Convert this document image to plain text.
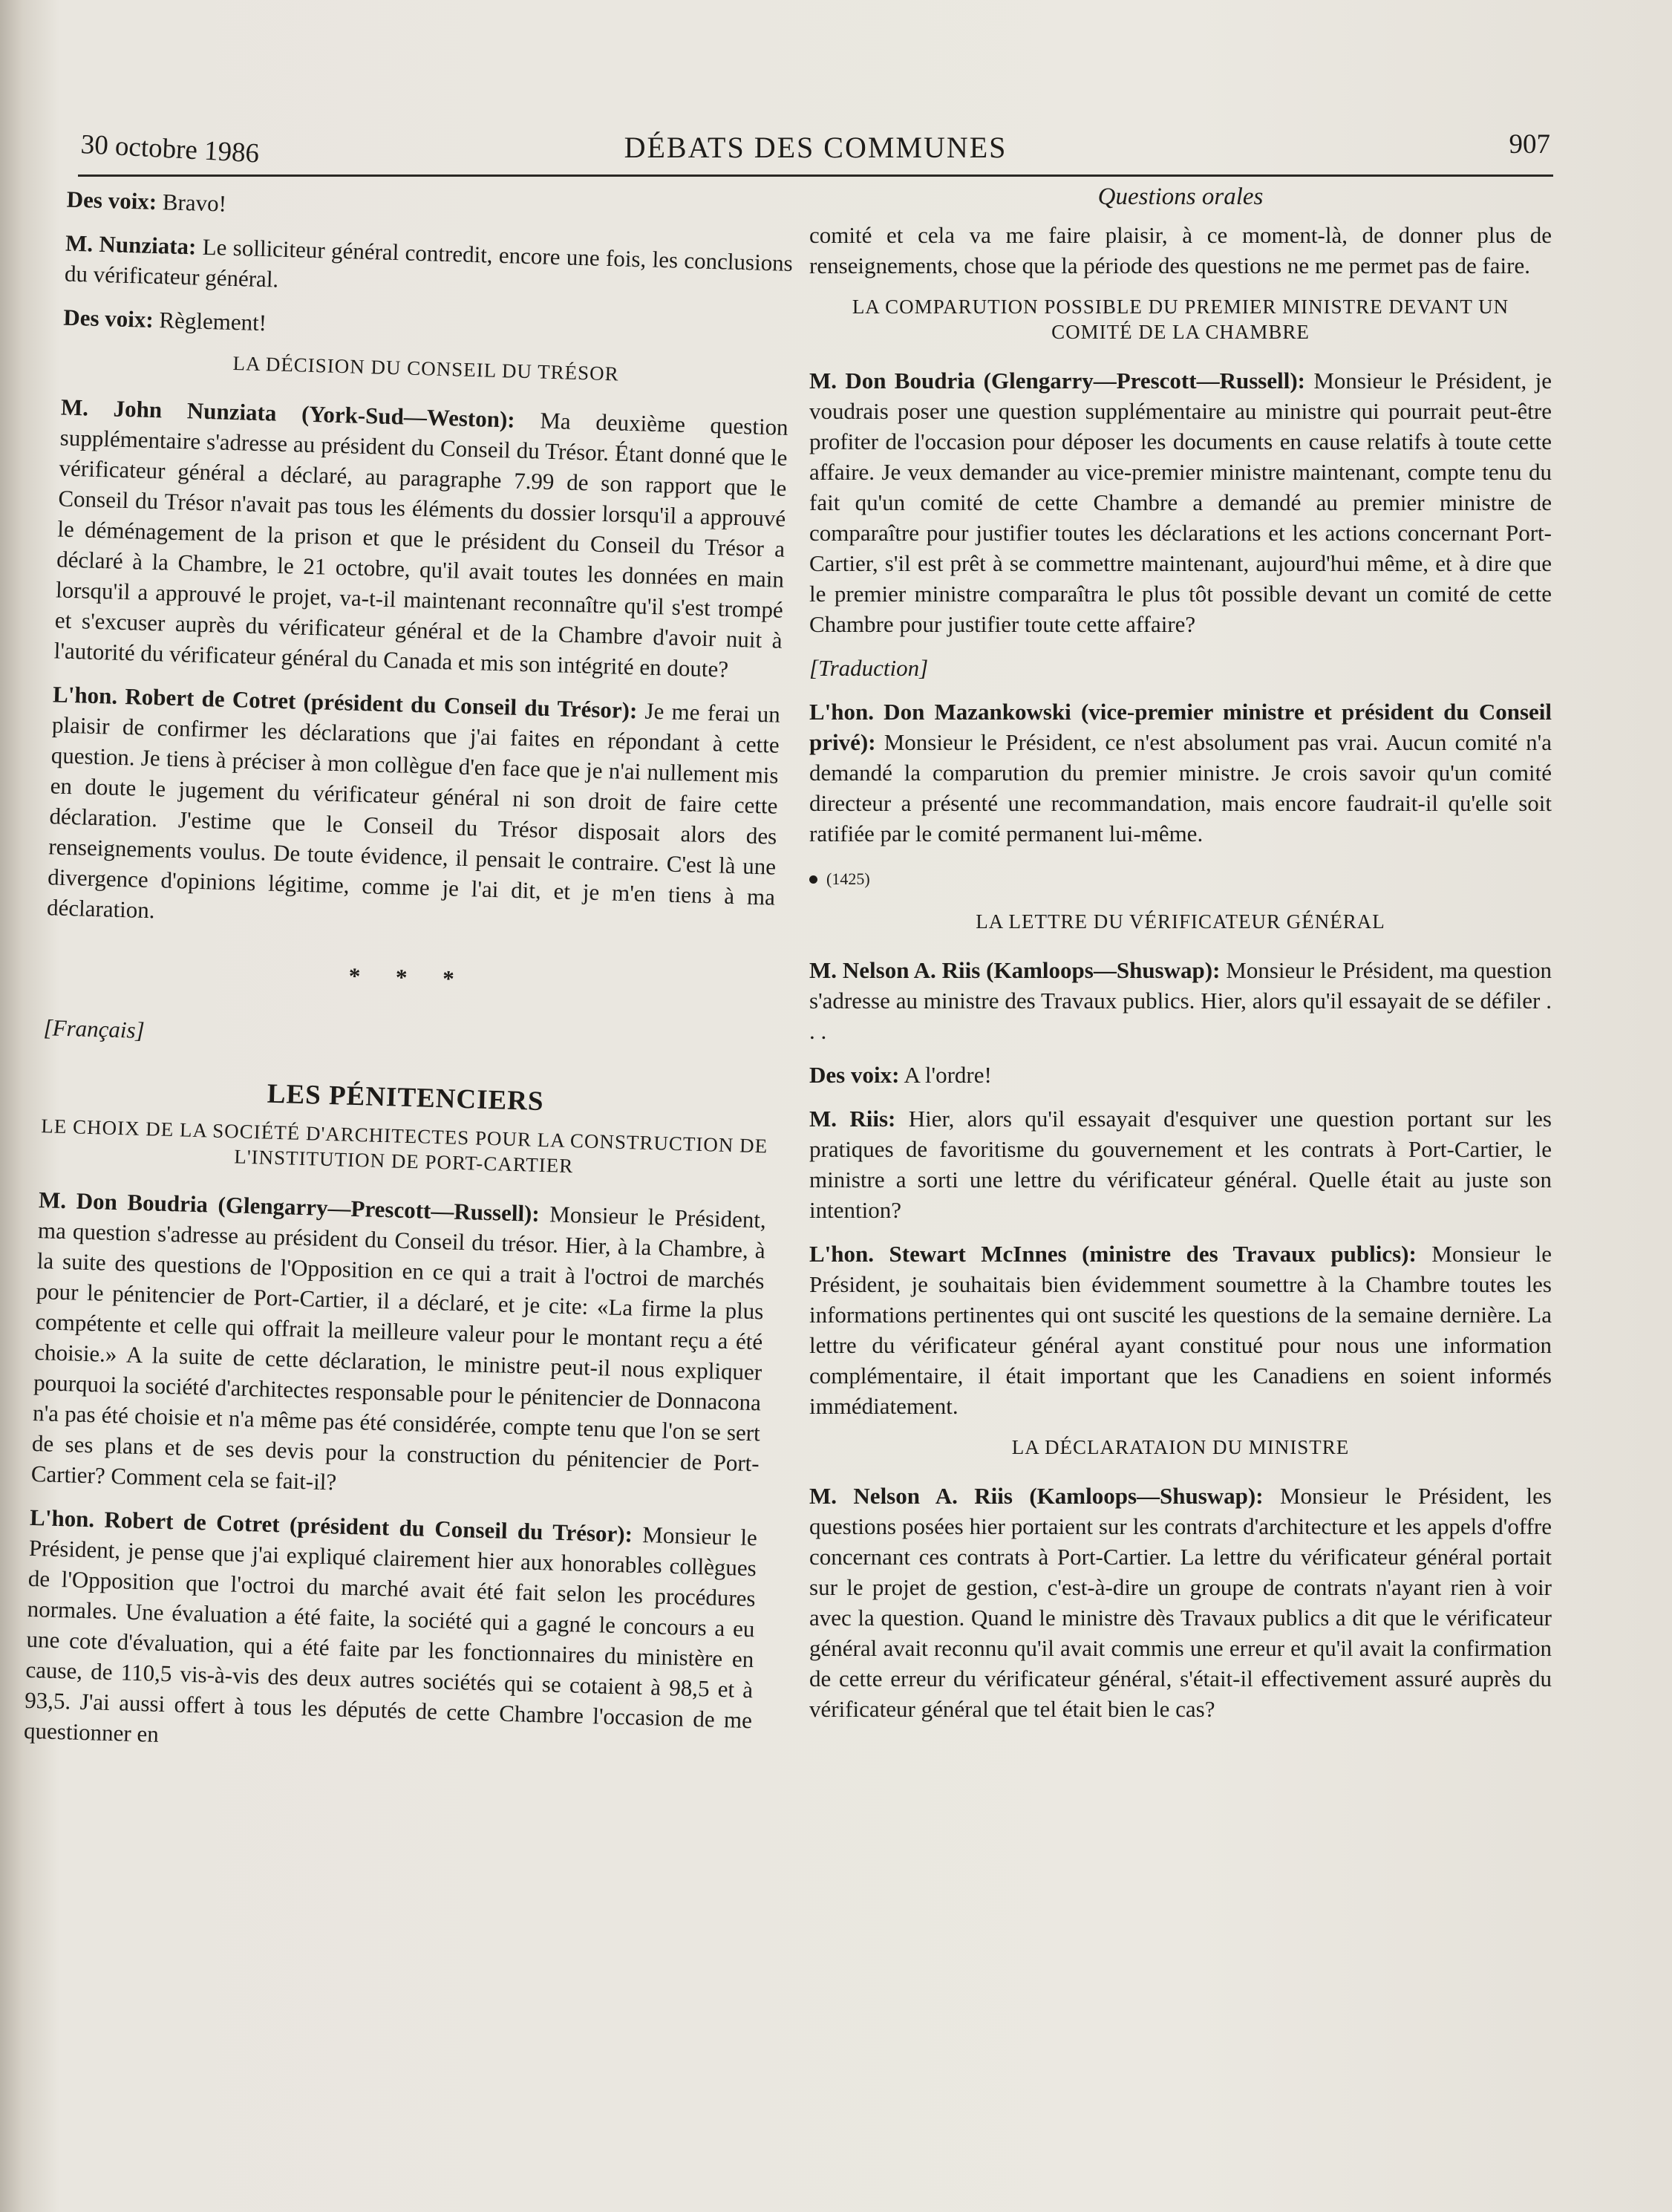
30 octobre 1986	DÉBATS DES COMMUNES	907

Des voix: Bravo!

M. Nunziata: Le solliciteur général contredit, encore une fois, les conclusions du vérificateur général.

Des voix: Règlement!

LA DÉCISION DU CONSEIL DU TRÉSOR

M. John Nunziata (York-Sud—Weston): Ma deuxième question supplémentaire s'adresse au président du Conseil du Trésor. Étant donné que le vérificateur général a déclaré, au paragraphe 7.99 de son rapport que le Conseil du Trésor n'avait pas tous les éléments du dossier lorsqu'il a approuvé le déménagement de la prison et que le président du Conseil du Trésor a déclaré à la Chambre, le 21 octobre, qu'il avait toutes les données en main lorsqu'il a approuvé le projet, va-t-il maintenant reconnaître qu'il s'est trompé et s'excuser auprès du vérificateur général et de la Chambre d'avoir nuit à l'autorité du vérificateur général du Canada et mis son intégrité en doute?

L'hon. Robert de Cotret (président du Conseil du Trésor): Je me ferai un plaisir de confirmer les déclarations que j'ai faites en répondant à cette question. Je tiens à préciser à mon collègue d'en face que je n'ai nullement mis en doute le jugement du vérificateur général ni son droit de faire cette déclaration. J'estime que le Conseil du Trésor disposait alors des renseignements voulus. De toute évidence, il pensait le contraire. C'est là une divergence d'opinions légitime, comme je l'ai dit, et je m'en tiens à ma déclaration.

* * *
[Français]
LES PÉNITENCIERS
LE CHOIX DE LA SOCIÉTÉ D'ARCHITECTES POUR LA CONSTRUCTION DE L'INSTITUTION DE PORT-CARTIER

M. Don Boudria (Glengarry—Prescott—Russell): Monsieur le Président, ma question s'adresse au président du Conseil du trésor. Hier, à la Chambre, à la suite des questions de l'Opposition en ce qui a trait à l'octroi de marchés pour le pénitencier de Port-Cartier, il a déclaré, et je cite: «La firme la plus compétente et celle qui offrait la meilleure valeur pour le montant reçu a été choisie.» A la suite de cette déclaration, le ministre peut-il nous expliquer pourquoi la société d'architectes responsable pour le pénitencier de Donnacona n'a pas été choisie et n'a même pas été considérée, compte tenu que l'on se sert de ses plans et de ses devis pour la construction du pénitencier de Port-Cartier? Comment cela se fait-il?

L'hon. Robert de Cotret (président du Conseil du Trésor): Monsieur le Président, je pense que j'ai expliqué clairement hier aux honorables collègues de l'Opposition que l'octroi du marché avait été fait selon les procédures normales. Une évaluation a été faite, la société qui a gagné le concours a eu une cote d'évaluation, qui a été faite par les fonctionnaires du ministère en cause, de 110,5 vis-à-vis des deux autres sociétés qui se cotaient à 98,5 et à 93,5. J'ai aussi offert à tous les députés de cette Chambre l'occasion de me questionner en

Questions orales

comité et cela va me faire plaisir, à ce moment-là, de donner plus de renseignements, chose que la période des questions ne me permet pas de faire.

LA COMPARUTION POSSIBLE DU PREMIER MINISTRE DEVANT UN COMITÉ DE LA CHAMBRE

M. Don Boudria (Glengarry—Prescott—Russell): Monsieur le Président, je voudrais poser une question supplémentaire au ministre qui pourrait peut-être profiter de l'occasion pour déposer les documents en cause relatifs à toute cette affaire. Je veux demander au vice-premier ministre maintenant, compte tenu du fait qu'un comité de cette Chambre a demandé au premier ministre de comparaître pour justifier toutes les déclarations et les actions concernant Port-Cartier, s'il est prêt à se commettre maintenant, aujourd'hui même, et à dire que le premier ministre comparaîtra le plus tôt possible devant un comité de cette Chambre pour justifier toute cette affaire?

[Traduction]

L'hon. Don Mazankowski (vice-premier ministre et président du Conseil privé): Monsieur le Président, ce n'est absolument pas vrai. Aucun comité n'a demandé la comparution du premier ministre. Je crois savoir qu'un comité directeur a présenté une recommandation, mais encore faudrait-il qu'elle soit ratifiée par le comité permanent lui-même.

(1425)
LA LETTRE DU VÉRIFICATEUR GÉNÉRAL

M. Nelson A. Riis (Kamloops—Shuswap): Monsieur le Président, ma question s'adresse au ministre des Travaux publics. Hier, alors qu'il essayait de se défiler . . .

Des voix: A l'ordre!

M. Riis: Hier, alors qu'il essayait d'esquiver une question portant sur les pratiques de favoritisme du gouvernement et les contrats à Port-Cartier, le ministre a sorti une lettre du vérificateur général. Quelle était au juste son intention?

L'hon. Stewart McInnes (ministre des Travaux publics): Monsieur le Président, je souhaitais bien évidemment soumettre à la Chambre toutes les informations pertinentes qui ont suscité les questions de la semaine dernière. La lettre du vérificateur général ayant constitué pour nous une information complémentaire, il était important que les Canadiens en soient informés immédiatement.

LA DÉCLARATAION DU MINISTRE

M. Nelson A. Riis (Kamloops—Shuswap): Monsieur le Président, les questions posées hier portaient sur les contrats d'architecture et les appels d'offre concernant ces contrats à Port-Cartier. La lettre du vérificateur général portait sur le projet de gestion, c'est-à-dire un groupe de contrats n'ayant rien à voir avec la question. Quand le ministre dès Travaux publics a dit que le vérificateur général avait reconnu qu'il avait commis une erreur et qu'il avait la confirmation de cette erreur du vérificateur général, s'était-il effectivement assuré auprès du vérificateur général que tel était bien le cas?
